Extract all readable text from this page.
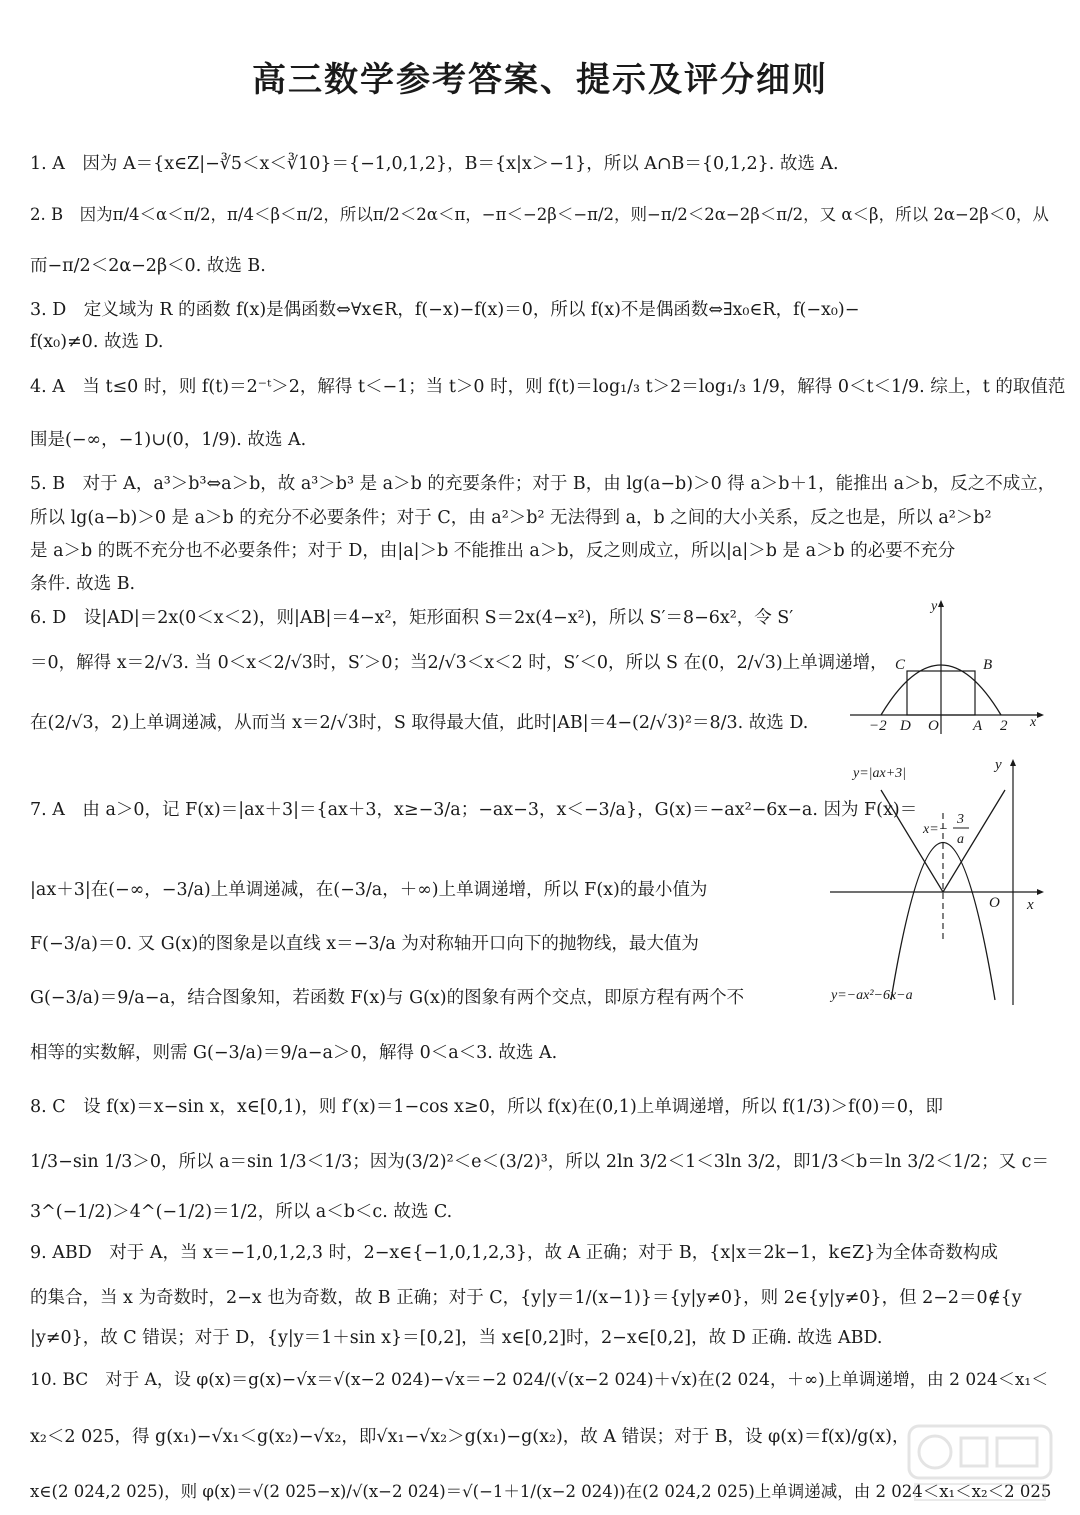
高三数学参考答案、提示及评分细则
1. A　因为 A＝{x∈Z|−∛5＜x＜∛10}＝{−1,0,1,2}，B＝{x|x＞−1}，所以 A∩B＝{0,1,2}. 故选 A.
2. B　因为π/4＜α＜π/2，π/4＜β＜π/2，所以π/2＜2α＜π，−π＜−2β＜−π/2，则−π/2＜2α−2β＜π/2，又 α＜β，所以 2α−2β＜0，从
而−π/2＜2α−2β＜0. 故选 B.
3. D　定义域为 R 的函数 f(x)是偶函数⇔∀x∈R，f(−x)−f(x)＝0，所以 f(x)不是偶函数⇔∃x₀∈R，f(−x₀)−
f(x₀)≠0. 故选 D.
4. A　当 t≤0 时，则 f(t)＝2⁻ᵗ＞2，解得 t＜−1；当 t＞0 时，则 f(t)＝log₁/₃ t＞2＝log₁/₃ 1/9，解得 0＜t＜1/9. 综上，t 的取值范
围是(−∞，−1)∪(0，1/9). 故选 A.
5. B　对于 A，a³＞b³⇔a＞b，故 a³＞b³ 是 a＞b 的充要条件；对于 B，由 lg(a−b)＞0 得 a＞b＋1，能推出 a＞b，反之不成立，
所以 lg(a−b)＞0 是 a＞b 的充分不必要条件；对于 C，由 a²＞b² 无法得到 a，b 之间的大小关系，反之也是，所以 a²＞b²
是 a＞b 的既不充分也不必要条件；对于 D，由|a|＞b 不能推出 a＞b，反之则成立，所以|a|＞b 是 a＞b 的必要不充分
条件. 故选 B.
6. D　设|AD|＝2x(0＜x＜2)，则|AB|＝4−x²，矩形面积 S＝2x(4−x²)，所以 S′＝8−6x²，令 S′
＝0，解得 x＝2/√3. 当 0＜x＜2/√3时，S′＞0；当2/√3＜x＜2 时，S′＜0，所以 S 在(0，2/√3)上单调递增，
在(2/√3，2)上单调递减，从而当 x＝2/√3时，S 取得最大值，此时|AB|＝4−(2/√3)²＝8/3. 故选 D.
7. A　由 a＞0，记 F(x)＝|ax＋3|＝{ax＋3，x≥−3/a；−ax−3，x＜−3/a}，G(x)＝−ax²−6x−a. 因为 F(x)＝
|ax＋3|在(−∞，−3/a)上单调递减，在(−3/a，＋∞)上单调递增，所以 F(x)的最小值为
F(−3/a)＝0. 又 G(x)的图象是以直线 x＝−3/a 为对称轴开口向下的抛物线，最大值为
G(−3/a)＝9/a−a，结合图象知，若函数 F(x)与 G(x)的图象有两个交点，即原方程有两个不
相等的实数解，则需 G(−3/a)＝9/a−a＞0，解得 0＜a＜3. 故选 A.
8. C　设 f(x)＝x−sin x，x∈[0,1)，则 f′(x)＝1−cos x≥0，所以 f(x)在(0,1)上单调递增，所以 f(1/3)＞f(0)＝0，即
1/3−sin 1/3＞0，所以 a＝sin 1/3＜1/3；因为(3/2)²＜e＜(3/2)³，所以 2ln 3/2＜1＜3ln 3/2，即1/3＜b＝ln 3/2＜1/2；又 c＝
3^(−1/2)＞4^(−1/2)＝1/2，所以 a＜b＜c. 故选 C.
9. ABD　对于 A，当 x＝−1,0,1,2,3 时，2−x∈{−1,0,1,2,3}，故 A 正确；对于 B，{x|x＝2k−1，k∈Z}为全体奇数构成
的集合，当 x 为奇数时，2−x 也为奇数，故 B 正确；对于 C，{y|y＝1/(x−1)}＝{y|y≠0}，则 2∈{y|y≠0}，但 2−2＝0∉{y
|y≠0}，故 C 错误；对于 D，{y|y＝1＋sin x}＝[0,2]，当 x∈[0,2]时，2−x∈[0,2]，故 D 正确. 故选 ABD.
10. BC　对于 A，设 φ(x)＝g(x)−√x＝√(x−2 024)−√x＝−2 024/(√(x−2 024)＋√x)在(2 024，＋∞)上单调递增，由 2 024＜x₁＜
x₂＜2 025，得 g(x₁)−√x₁＜g(x₂)−√x₂，即√x₁−√x₂＞g(x₁)−g(x₂)，故 A 错误；对于 B，设 φ(x)＝f(x)/g(x)，
x∈(2 024,2 025)，则 φ(x)＝√(2 025−x)/√(x−2 024)＝√(−1＋1/(x−2 024))在(2 024,2 025)上单调递减，由 2 024＜x₁＜x₂＜2 025
y
x
C	B
−2 D O A 2
y=|ax+3|
y
x=−
3
a
O x
y=−ax²−6x−a
